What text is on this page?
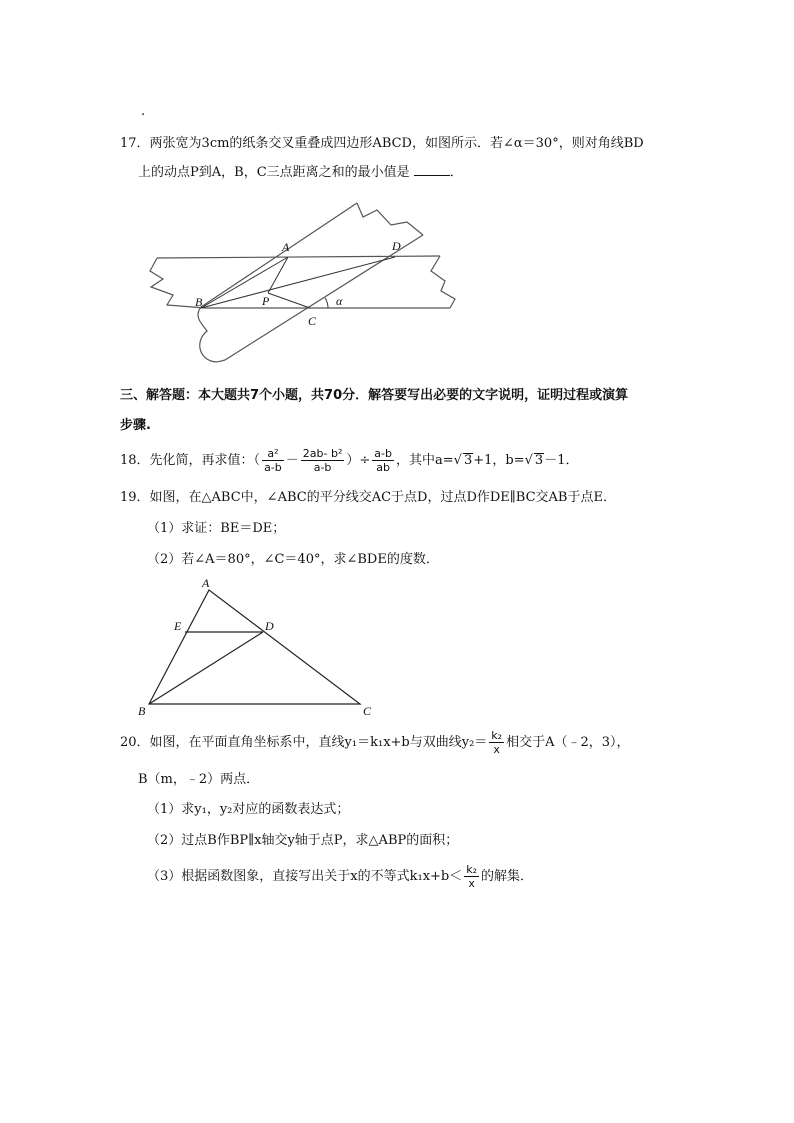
.
17．两张宽为3cm的纸条交叉重叠成四边形ABCD，如图所示．若∠α＝30°，则对角线BD
上的动点P到A，B，C三点距离之和的最小值是	．
A	D
B	P
C
α
三、解答题：本大题共7个小题，共70分．解答要写出必要的文字说明，证明过程或演算
步骤.
18．先化简，再求值：（ $\frac{\text{a²}}{a-b} - \frac{\text{2ab- b²}}{a-b}$ ）÷ $\frac{a-b}{ab}$ ，其中a=√ 3+1，b=√ 3－1．
19．如图，在△ABC中，∠ABC的平分线交AC于点D，过点D作DE∥BC交AB于点E．
（1）求证：BE＝DE；
（2）若∠A＝80°，∠C＝40°，求∠BDE的度数．
A
E	D
B	C
20．如图，在平面直角坐标系中，直线y₁＝k₁x+b与双曲线$y_2= \frac{\text{k₂}}{x}$ 相交于A（﹣2，3），
B（m，﹣2）两点．
（1）求y₁，y₂对应的函数表达式；
（2）过点B作BP∥x轴交y轴于点P，求△ABP的面积；
（3）根据函数图象，直接写出关于x的不等式$k_1x+b< \frac{\text{k₂}}{x}$ 的解集．
